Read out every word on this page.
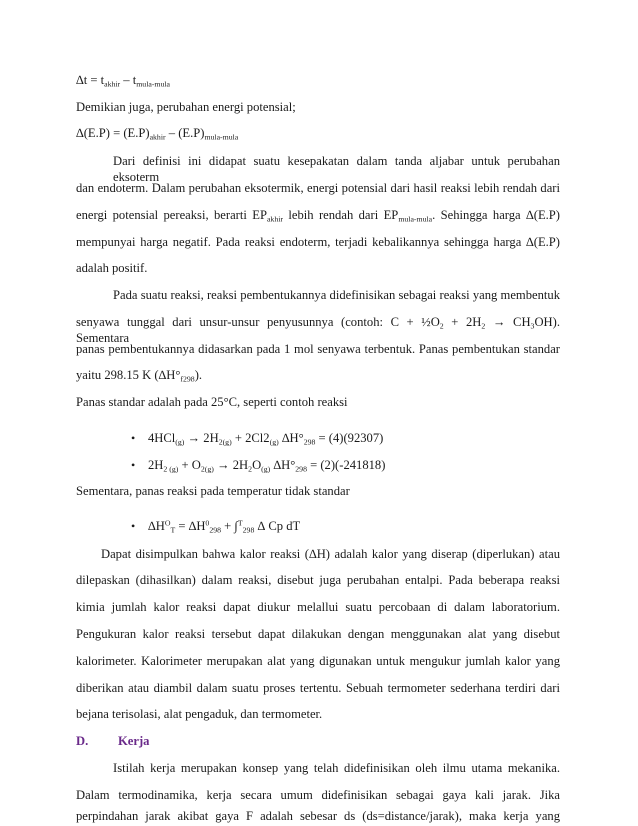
$\Delta t = t_{akhir} - t_{mula-mula}$
Demikian juga, perubahan energi potensial;
$\Delta(E.P) = (E.P)_{akhir} - (E.P)_{mula-mula}$
Dari definisi ini didapat suatu kesepakatan dalam tanda aljabar untuk perubahan eksoterm
dan endoterm. Dalam perubahan eksotermik, energi potensial dari hasil reaksi lebih rendah dari
energi potensial pereaksi, berarti $EP_{akhir}$ lebih rendah dari $EP_{mula-mula}$. Sehingga harga ∆(E.P)
mempunyai harga negatif. Pada reaksi endoterm, terjadi kebalikannya sehingga harga ∆(E.P)
adalah positif.
Pada suatu reaksi, reaksi pembentukannya didefinisikan sebagai reaksi yang membentuk
senyawa tunggal dari unsur-unsur penyusunnya (contoh: $C + \frac{1}{2}O_2 + 2H_2 \to CH_3OH$). Sementara
panas pembentukannya didasarkan pada 1 mol senyawa terbentuk. Panas pembentukan standar
yaitu 298.15 K $(\Delta H^\circ_{f298})$.
Panas standar adalah pada 25°C, seperti contoh reaksi
• $4HCl_{(g)} \to 2H_{2(g)} + 2Cl2_{(g)}$ $\Delta H^\circ_{298} = (4)(92307)$
• $2H_{2 (g)} + O_{2(g)} \to 2H_2O_{(g)}$ $\Delta H^\circ_{298} = (2)(-241818)$
Sementara, panas reaksi pada temperatur tidak standar
• $\Delta H^O_T = \Delta H^0_{298} + \int^T_{298}$ ∆ Cp dT
Dapat disimpulkan bahwa kalor reaksi (∆H) adalah kalor yang diserap (diperlukan) atau
dilepaskan (dihasilkan) dalam reaksi, disebut juga perubahan entalpi. Pada beberapa reaksi
kimia jumlah kalor reaksi dapat diukur melallui suatu percobaan di dalam laboratorium.
Pengukuran kalor reaksi tersebut dapat dilakukan dengan menggunakan alat yang disebut
kalorimeter. Kalorimeter merupakan alat yang digunakan untuk mengukur jumlah kalor yang
diberikan atau diambil dalam suatu proses tertentu. Sebuah termometer sederhana terdiri dari
bejana terisolasi, alat pengaduk, dan termometer.
D. Kerja
Istilah kerja merupakan konsep yang telah didefinisikan oleh ilmu utama mekanika.
Dalam termodinamika, kerja secara umum didefinisikan sebagai gaya kali jarak. Jika
perpindahan jarak akibat gaya F adalah sebesar ds (ds=distance/jarak), maka kerja yang
